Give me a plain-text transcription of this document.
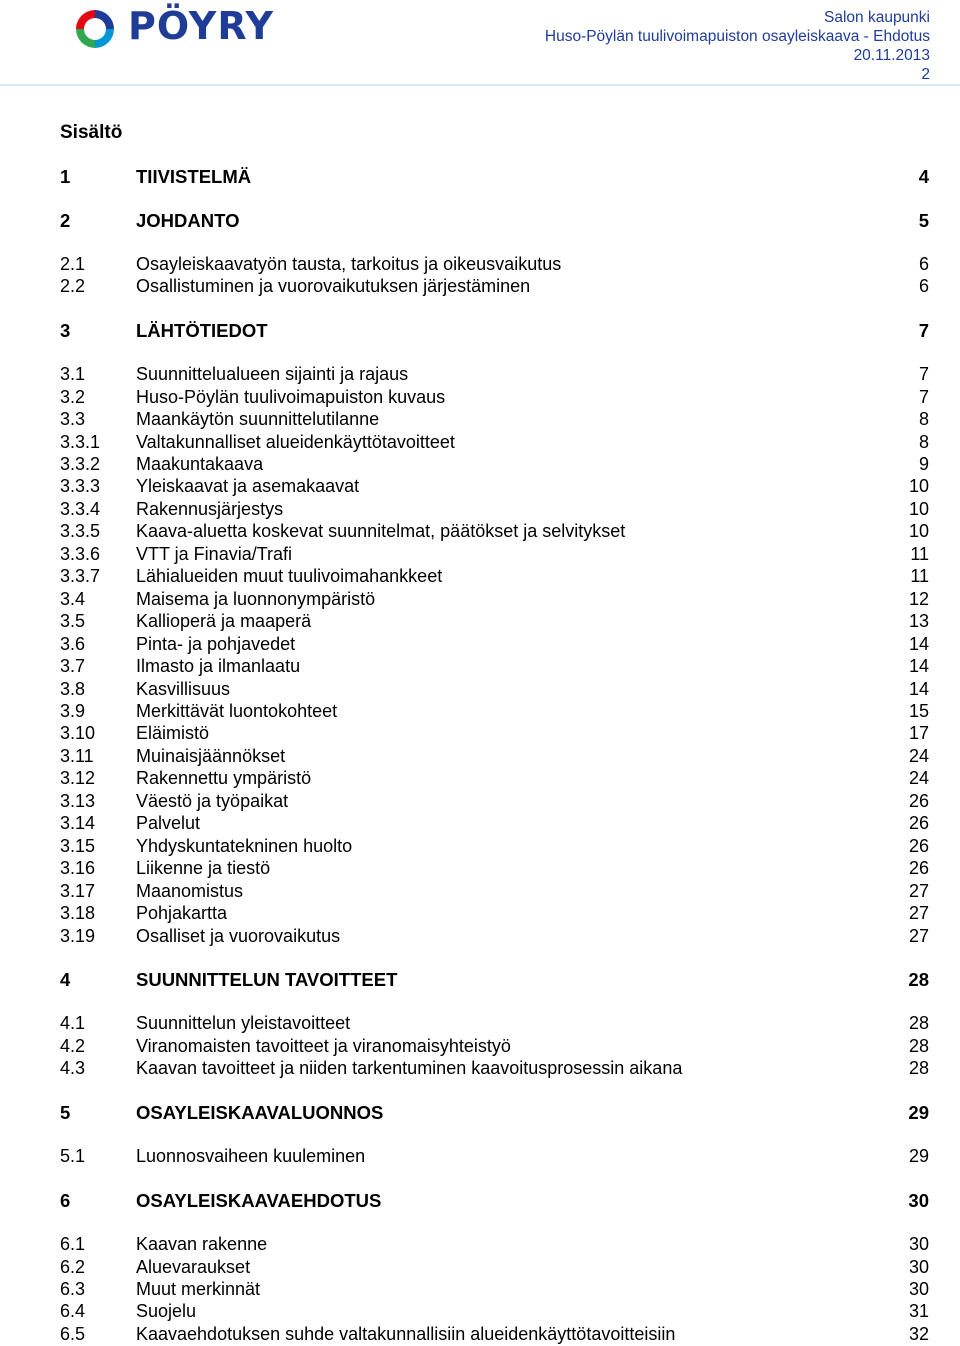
PÖYRY	Salon kaupunki
Huso-Pöylän tuulivoimapuiston osayleiskaava - Ehdotus
20.11.2013
2
Sisältö
1	TIIVISTELMÄ	4
2	JOHDANTO	5
2.1	Osayleiskaavatyön tausta, tarkoitus ja oikeusvaikutus	6
2.2	Osallistuminen ja vuorovaikutuksen järjestäminen	6
3	LÄHTÖTIEDOT	7
3.1	Suunnittelualueen sijainti ja rajaus	7
3.2	Huso-Pöylän tuulivoimapuiston kuvaus	7
3.3	Maankäytön suunnittelutilanne	8
3.3.1 Valtakunnalliset alueidenkäyttötavoitteet	8
3.3.2 Maakuntakaava	9
3.3.3 Yleiskaavat ja asemakaavat	10
3.3.4 Rakennusjärjestys	10
3.3.5 Kaava-aluetta koskevat suunnitelmat, päätökset ja selvitykset	10
3.3.6 VTT ja Finavia/Trafi	11
3.3.7 Lähialueiden muut tuulivoimahankkeet	11
3.4	Maisema ja luonnonympäristö	12
3.5	Kallioperä ja maaperä	13
3.6	Pinta- ja pohjavedet	14
3.7	Ilmasto ja ilmanlaatu	14
3.8	Kasvillisuus	14
3.9	Merkittävät luontokohteet	15
3.10 Eläimistö	17
3.11 Muinaisjäännökset	24
3.12 Rakennettu ympäristö	24
3.13 Väestö ja työpaikat	26
3.14 Palvelut	26
3.15 Yhdyskuntatekninen huolto	26
3.16 Liikenne ja tiestö	26
3.17 Maanomistus	27
3.18 Pohjakartta	27
3.19 Osalliset ja vuorovaikutus	27
4	SUUNNITTELUN TAVOITTEET	28
4.1	Suunnittelun yleistavoitteet	28
4.2	Viranomaisten tavoitteet ja viranomaisyhteistyö	28
4.3	Kaavan tavoitteet ja niiden tarkentuminen kaavoitusprosessin aikana	28
5	OSAYLEISKAAVALUONNOS	29
5.1	Luonnosvaiheen kuuleminen	29
6	OSAYLEISKAAVAEHDOTUS	30
6.1	Kaavan rakenne	30
6.2	Aluevaraukset	30
6.3	Muut merkinnät	30
6.4	Suojelu	31
6.5	Kaavaehdotuksen suhde valtakunnallisiin alueidenkäyttötavoitteisiin	32
